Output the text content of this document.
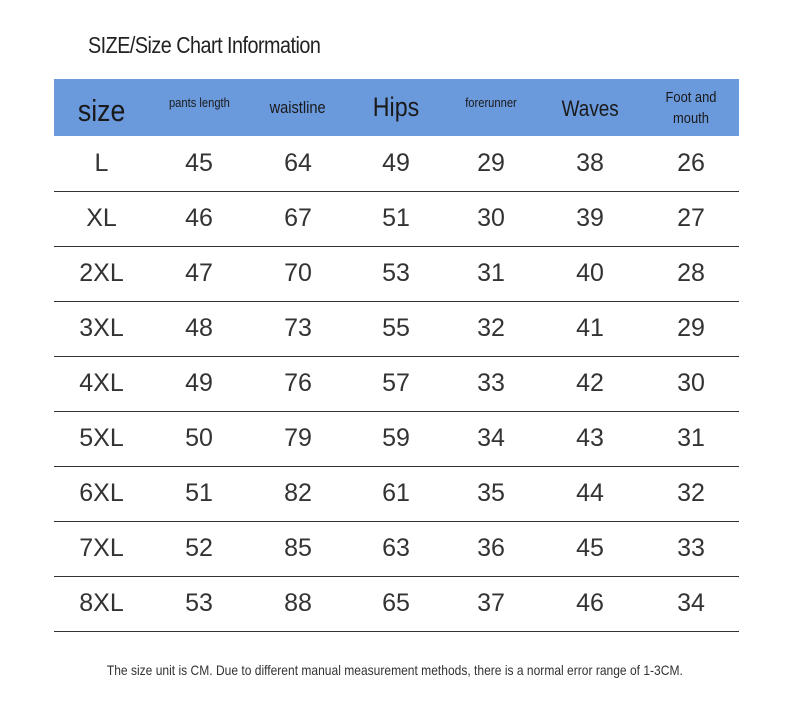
SIZE/Size Chart Information
size	pants length	waistline	Hips	forerunner	Waves	Foot and mouth
L	45	64	49	29	38	26
XL	46	67	51	30	39	27
2XL	47	70	53	31	40	28
3XL	48	73	55	32	41	29
4XL	49	76	57	33	42	30
5XL	50	79	59	34	43	31
6XL	51	82	61	35	44	32
7XL	52	85	63	36	45	33
8XL	53	88	65	37	46	34
The size unit is CM. Due to different manual measurement methods, there is a normal error range of 1-3CM.
